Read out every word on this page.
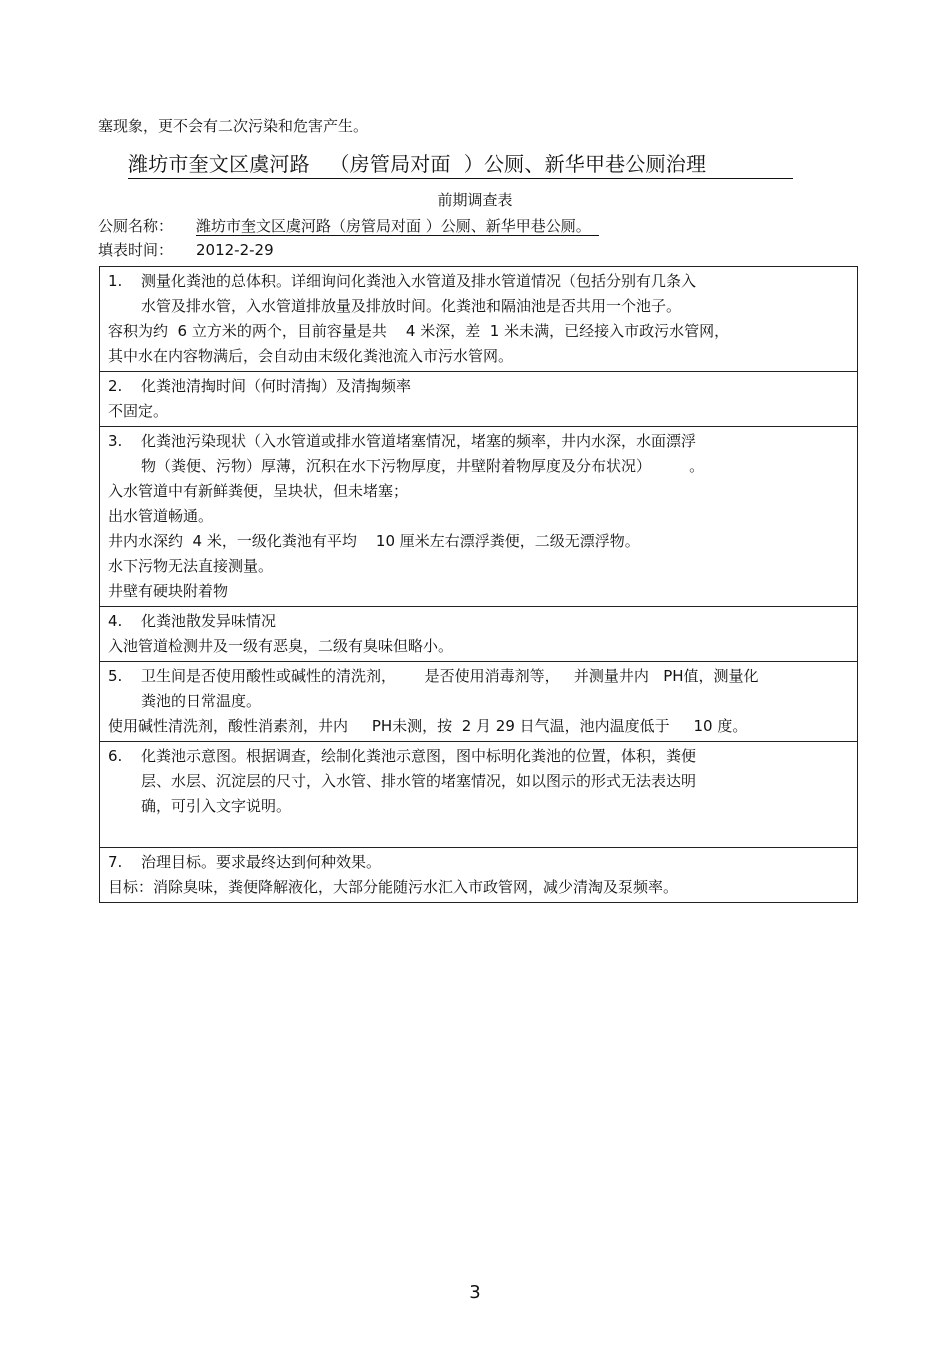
塞现象，更不会有二次污染和危害产生。
潍坊市奎文区虞河路   （房管局对面  ）公厕、新华甲巷公厕治理
前期调查表
公厕名称： 潍坊市奎文区虞河路（房管局对面 ）公厕、新华甲巷公厕。
填表时间： 2012-2-29
1. 测量化粪池的总体积。详细询问化粪池入水管道及排水管道情况（包括分别有几条入
水管及排水管，入水管道排放量及排放时间。化粪池和隔油池是否共用一个池子。
容积为约  6 立方米的两个，目前容量是共    4 米深，差  1 米未满，已经接入市政污水管网，
其中水在内容物满后，会自动由末级化粪池流入市污水管网。

2. 化粪池清掏时间（何时清掏）及清掏频率
不固定。

3. 化粪池污染现状（入水管道或排水管道堵塞情况，堵塞的频率，井内水深，水面漂浮
物（粪便、污物）厚薄，沉积在水下污物厚度，井壁附着物厚度及分布状况）        。
入水管道中有新鲜粪便，呈块状，但未堵塞；
出水管道畅通。
井内水深约  4 米，一级化粪池有平均    10 厘米左右漂浮粪便，二级无漂浮物。
水下污物无法直接测量。
井壁有硬块附着物

4. 化粪池散发异味情况
入池管道检测井及一级有恶臭，二级有臭味但略小。

5. 卫生间是否使用酸性或碱性的清洗剂，      是否使用消毒剂等，   并测量井内   PH值，测量化
粪池的日常温度。
使用碱性清洗剂，酸性消素剂，井内     PH未测，按  2 月 29 日气温，池内温度低于     10 度。

6. 化粪池示意图。根据调查，绘制化粪池示意图，图中标明化粪池的位置，体积，粪便
层、水层、沉淀层的尺寸，入水管、排水管的堵塞情况，如以图示的形式无法表达明
确，可引入文字说明。

7. 治理目标。要求最终达到何种效果。
目标：消除臭味，粪便降解液化，大部分能随污水汇入市政管网，减少清淘及泵频率。
3
